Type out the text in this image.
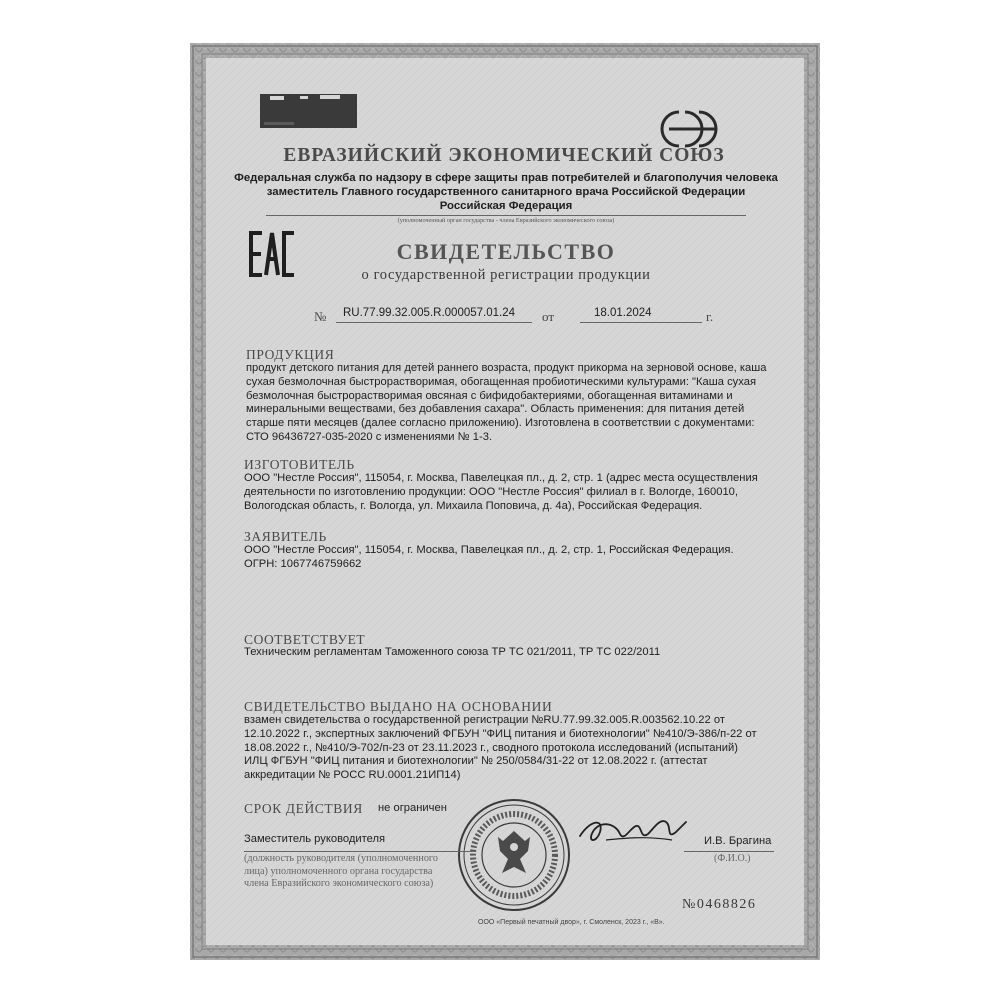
ЕВРАЗИЙСКИЙ ЭКОНОМИЧЕСКИЙ СОЮЗ
Федеральная служба по надзору в сфере защиты прав потребителей и благополучия человека
заместитель Главного государственного санитарного врача Российской Федерации
Российская Федерация
(уполномоченный орган государства - члена Евразийского экономического союза)
СВИДЕТЕЛЬСТВО
о государственной регистрации продукции
№ RU.77.99.32.005.R.000057.01.24	от	18.01.2024	г.
ПРОДУКЦИЯ
продукт детского питания для детей раннего возраста, продукт прикорма на зерновой основе, каша
сухая безмолочная быстрорастворимая, обогащенная пробиотическими культурами: "Каша сухая
безмолочная быстрорастворимая овсяная с бифидобактериями, обогащенная витаминами и
минеральными веществами, без добавления сахара". Область применения: для питания детей
старше пяти месяцев (далее согласно приложению). Изготовлена в соответствии с документами:
СТО 96436727-035-2020 с изменениями № 1-3.
ИЗГОТОВИТЕЛЬ
ООО "Нестле Россия", 115054, г. Москва, Павелецкая пл., д. 2, стр. 1 (адрес места осуществления
деятельности по изготовлению продукции: ООО "Нестле Россия" филиал в г. Вологде, 160010,
Вологодская область, г. Вологда, ул. Михаила Поповича, д. 4а), Российская Федерация.
ЗАЯВИТЕЛЬ
ООО "Нестле Россия", 115054, г. Москва, Павелецкая пл., д. 2, стр. 1, Российская Федерация.
ОГРН: 1067746759662
СООТВЕТСТВУЕТ
Техническим регламентам Таможенного союза ТР ТС 021/2011, ТР ТС 022/2011
СВИДЕТЕЛЬСТВО ВЫДАНО НА ОСНОВАНИИ
взамен свидетельства о государственной регистрации №RU.77.99.32.005.R.003562.10.22 от
12.10.2022 г., экспертных заключений ФГБУН "ФИЦ питания и биотехнологии" №410/Э-386/п-22 от
18.08.2022 г., №410/Э-702/п-23 от 23.11.2023 г., сводного протокола исследований (испытаний)
ИЛЦ ФГБУН "ФИЦ питания и биотехнологии" № 250/0584/31-22 от 12.08.2022 г. (аттестат
аккредитации № РОСС RU.0001.21ИП14)
СРОК ДЕЙСТВИЯ не ограничен
Заместитель руководителя	И.В. Брагина
(должность руководителя (уполномоченного
лица) уполномоченного органа государства
члена Евразийского экономического союза)
(Ф.И.О.)
№0468826
ООО «Первый печатный двор», г. Смоленск, 2023 г., «В».
